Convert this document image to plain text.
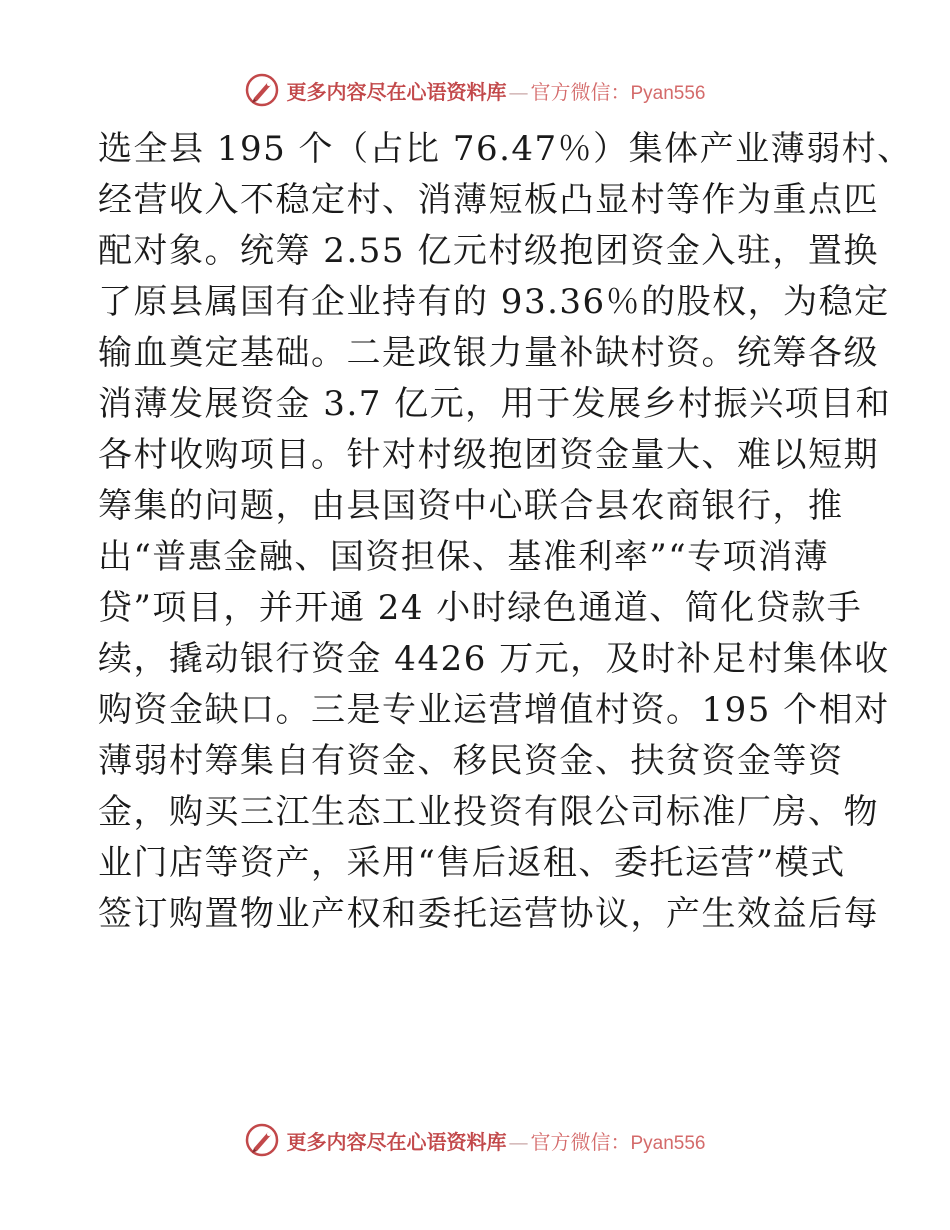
更多内容尽在心语资料库 — 官方微信： Pyan556
选全县 195 个（占比 76.47％）集体产业薄弱村、
经营收入不稳定村、消薄短板凸显村等作为重点匹
配对象。统筹 2.55 亿元村级抱团资金入驻，置换
了原县属国有企业持有的 93.36％的股权，为稳定
输血奠定基础。二是政银力量补缺村资。统筹各级
消薄发展资金 3.7 亿元，用于发展乡村振兴项目和
各村收购项目。针对村级抱团资金量大、难以短期
筹集的问题，由县国资中心联合县农商银行，推
出“普惠金融、国资担保、基准利率”“专项消薄
贷”项目，并开通 24 小时绿色通道、简化贷款手
续，撬动银行资金 4426 万元，及时补足村集体收
购资金缺口。三是专业运营增值村资。195 个相对
薄弱村筹集自有资金、移民资金、扶贫资金等资
金，购买三江生态工业投资有限公司标准厂房、物
业门店等资产，采用“售后返租、委托运营”模式
签订购置物业产权和委托运营协议，产生效益后每
更多内容尽在心语资料库 — 官方微信： Pyan556
